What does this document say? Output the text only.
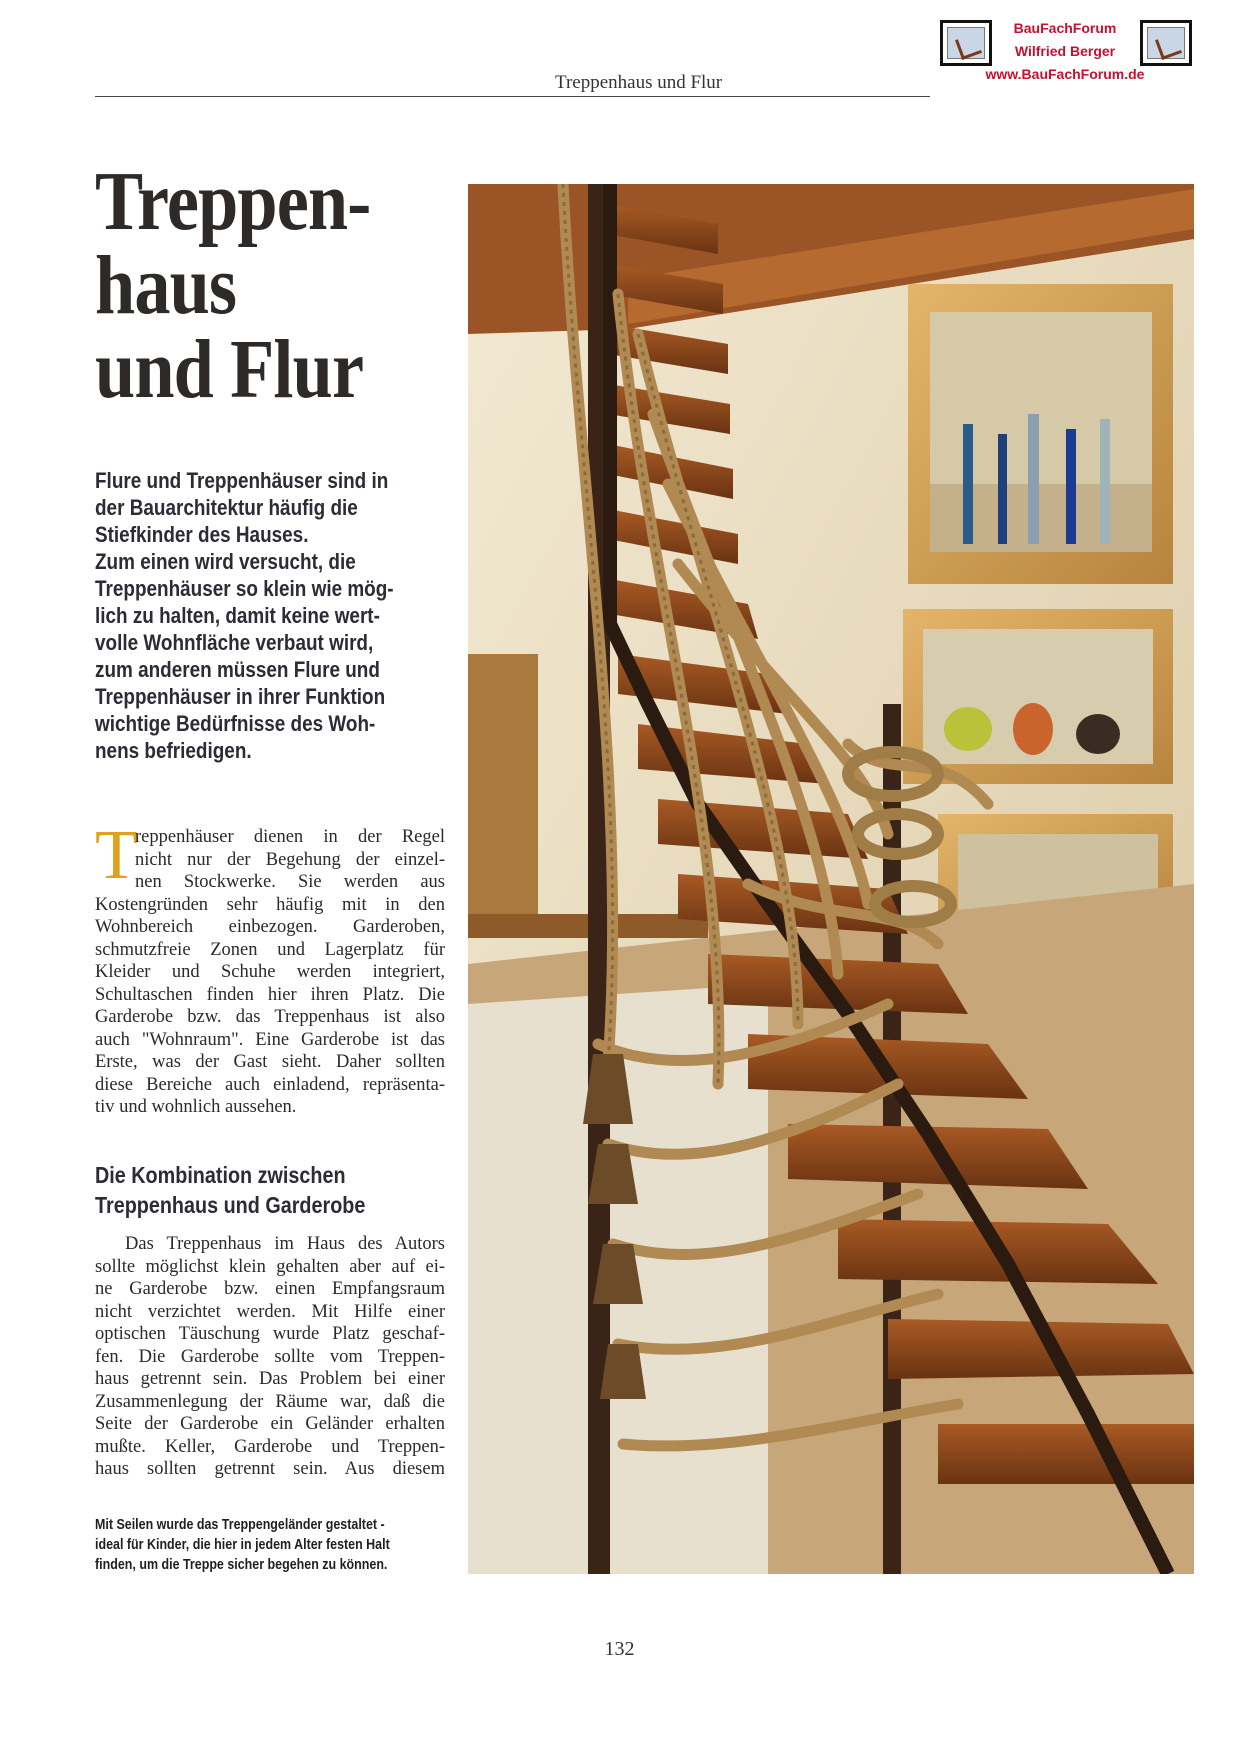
Treppenhaus und Flur
BauFachForum
Wilfried Berger
www.BauFachForum.de
Treppen-
haus
und Flur
Flure und Treppenhäuser sind in
der Bauarchitektur häufig die
Stiefkinder des Hauses.
Zum einen wird versucht, die
Treppenhäuser so klein wie mög-
lich zu halten, damit keine wert-
volle Wohnfläche verbaut wird,
zum anderen müssen Flure und
Treppenhäuser in ihrer Funktion
wichtige Bedürfnisse des Woh-
nens befriedigen.
T
reppenhäuser dienen in der Regel
nicht nur der Begehung der einzel-
nen Stockwerke. Sie werden aus
Kostengründen sehr häufig mit in den
Wohnbereich einbezogen. Garderoben,
schmutzfreie Zonen und Lagerplatz für
Kleider und Schuhe werden integriert,
Schultaschen finden hier ihren Platz. Die
Garderobe bzw. das Treppenhaus ist also
auch "Wohnraum". Eine Garderobe ist das
Erste, was der Gast sieht. Daher sollten
diese Bereiche auch einladend, repräsenta-
tiv und wohnlich aussehen.
Die Kombination zwischen
Treppenhaus und Garderobe
Das Treppenhaus im Haus des Autors
sollte möglichst klein gehalten aber auf ei-
ne Garderobe bzw. einen Empfangsraum
nicht verzichtet werden. Mit Hilfe einer
optischen Täuschung wurde Platz geschaf-
fen. Die Garderobe sollte vom Treppen-
haus getrennt sein. Das Problem bei einer
Zusammenlegung der Räume war, daß die
Seite der Garderobe ein Geländer erhalten
mußte. Keller, Garderobe und Treppen-
haus sollten getrennt sein. Aus diesem
Mit Seilen wurde das Treppengeländer gestaltet -
ideal für Kinder, die hier in jedem Alter festen Halt
finden, um die Treppe sicher begehen zu können.
132
